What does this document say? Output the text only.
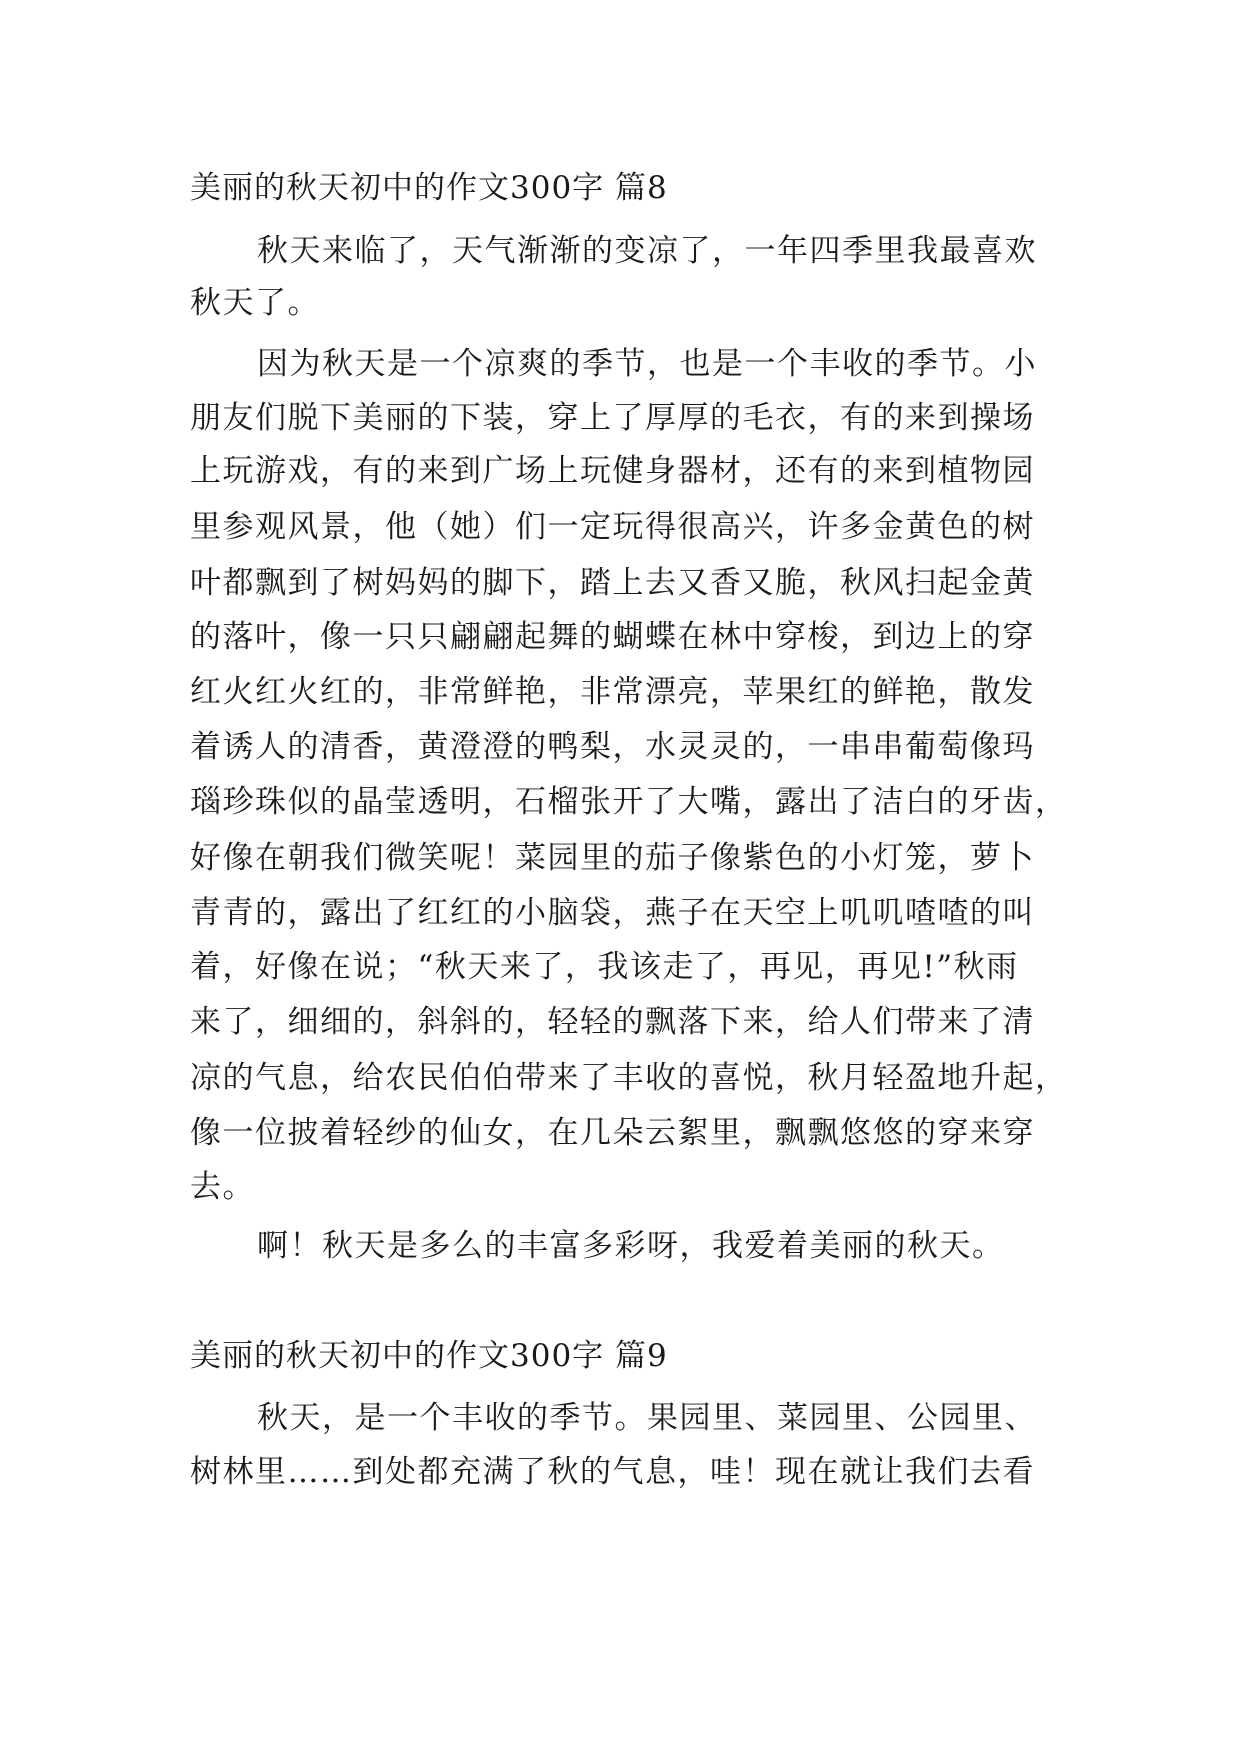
美丽的秋天初中的作文300字 篇8
秋天来临了，天气渐渐的变凉了，一年四季里我最喜欢
秋天了。
因为秋天是一个凉爽的季节，也是一个丰收的季节。小
朋友们脱下美丽的下装，穿上了厚厚的毛衣，有的来到操场
上玩游戏，有的来到广场上玩健身器材，还有的来到植物园
里参观风景，他（她）们一定玩得很高兴，许多金黄色的树
叶都飘到了树妈妈的脚下，踏上去又香又脆，秋风扫起金黄
的落叶，像一只只翩翩起舞的蝴蝶在林中穿梭，到边上的穿
红火红火红的，非常鲜艳，非常漂亮，苹果红的鲜艳，散发
着诱人的清香，黄澄澄的鸭梨，水灵灵的，一串串葡萄像玛
瑙珍珠似的晶莹透明，石榴张开了大嘴，露出了洁白的牙齿，
好像在朝我们微笑呢！菜园里的茄子像紫色的小灯笼，萝卜
青青的，露出了红红的小脑袋，燕子在天空上叽叽喳喳的叫
着，好像在说；“秋天来了，我该走了，再见，再见!”秋雨
来了，细细的，斜斜的，轻轻的飘落下来，给人们带来了清
凉的气息，给农民伯伯带来了丰收的喜悦，秋月轻盈地升起，
像一位披着轻纱的仙女，在几朵云絮里，飘飘悠悠的穿来穿
去。
啊！秋天是多么的丰富多彩呀，我爱着美丽的秋天。
美丽的秋天初中的作文300字 篇9
秋天，是一个丰收的季节。果园里、菜园里、公园里、
树林里……到处都充满了秋的气息，哇！现在就让我们去看
